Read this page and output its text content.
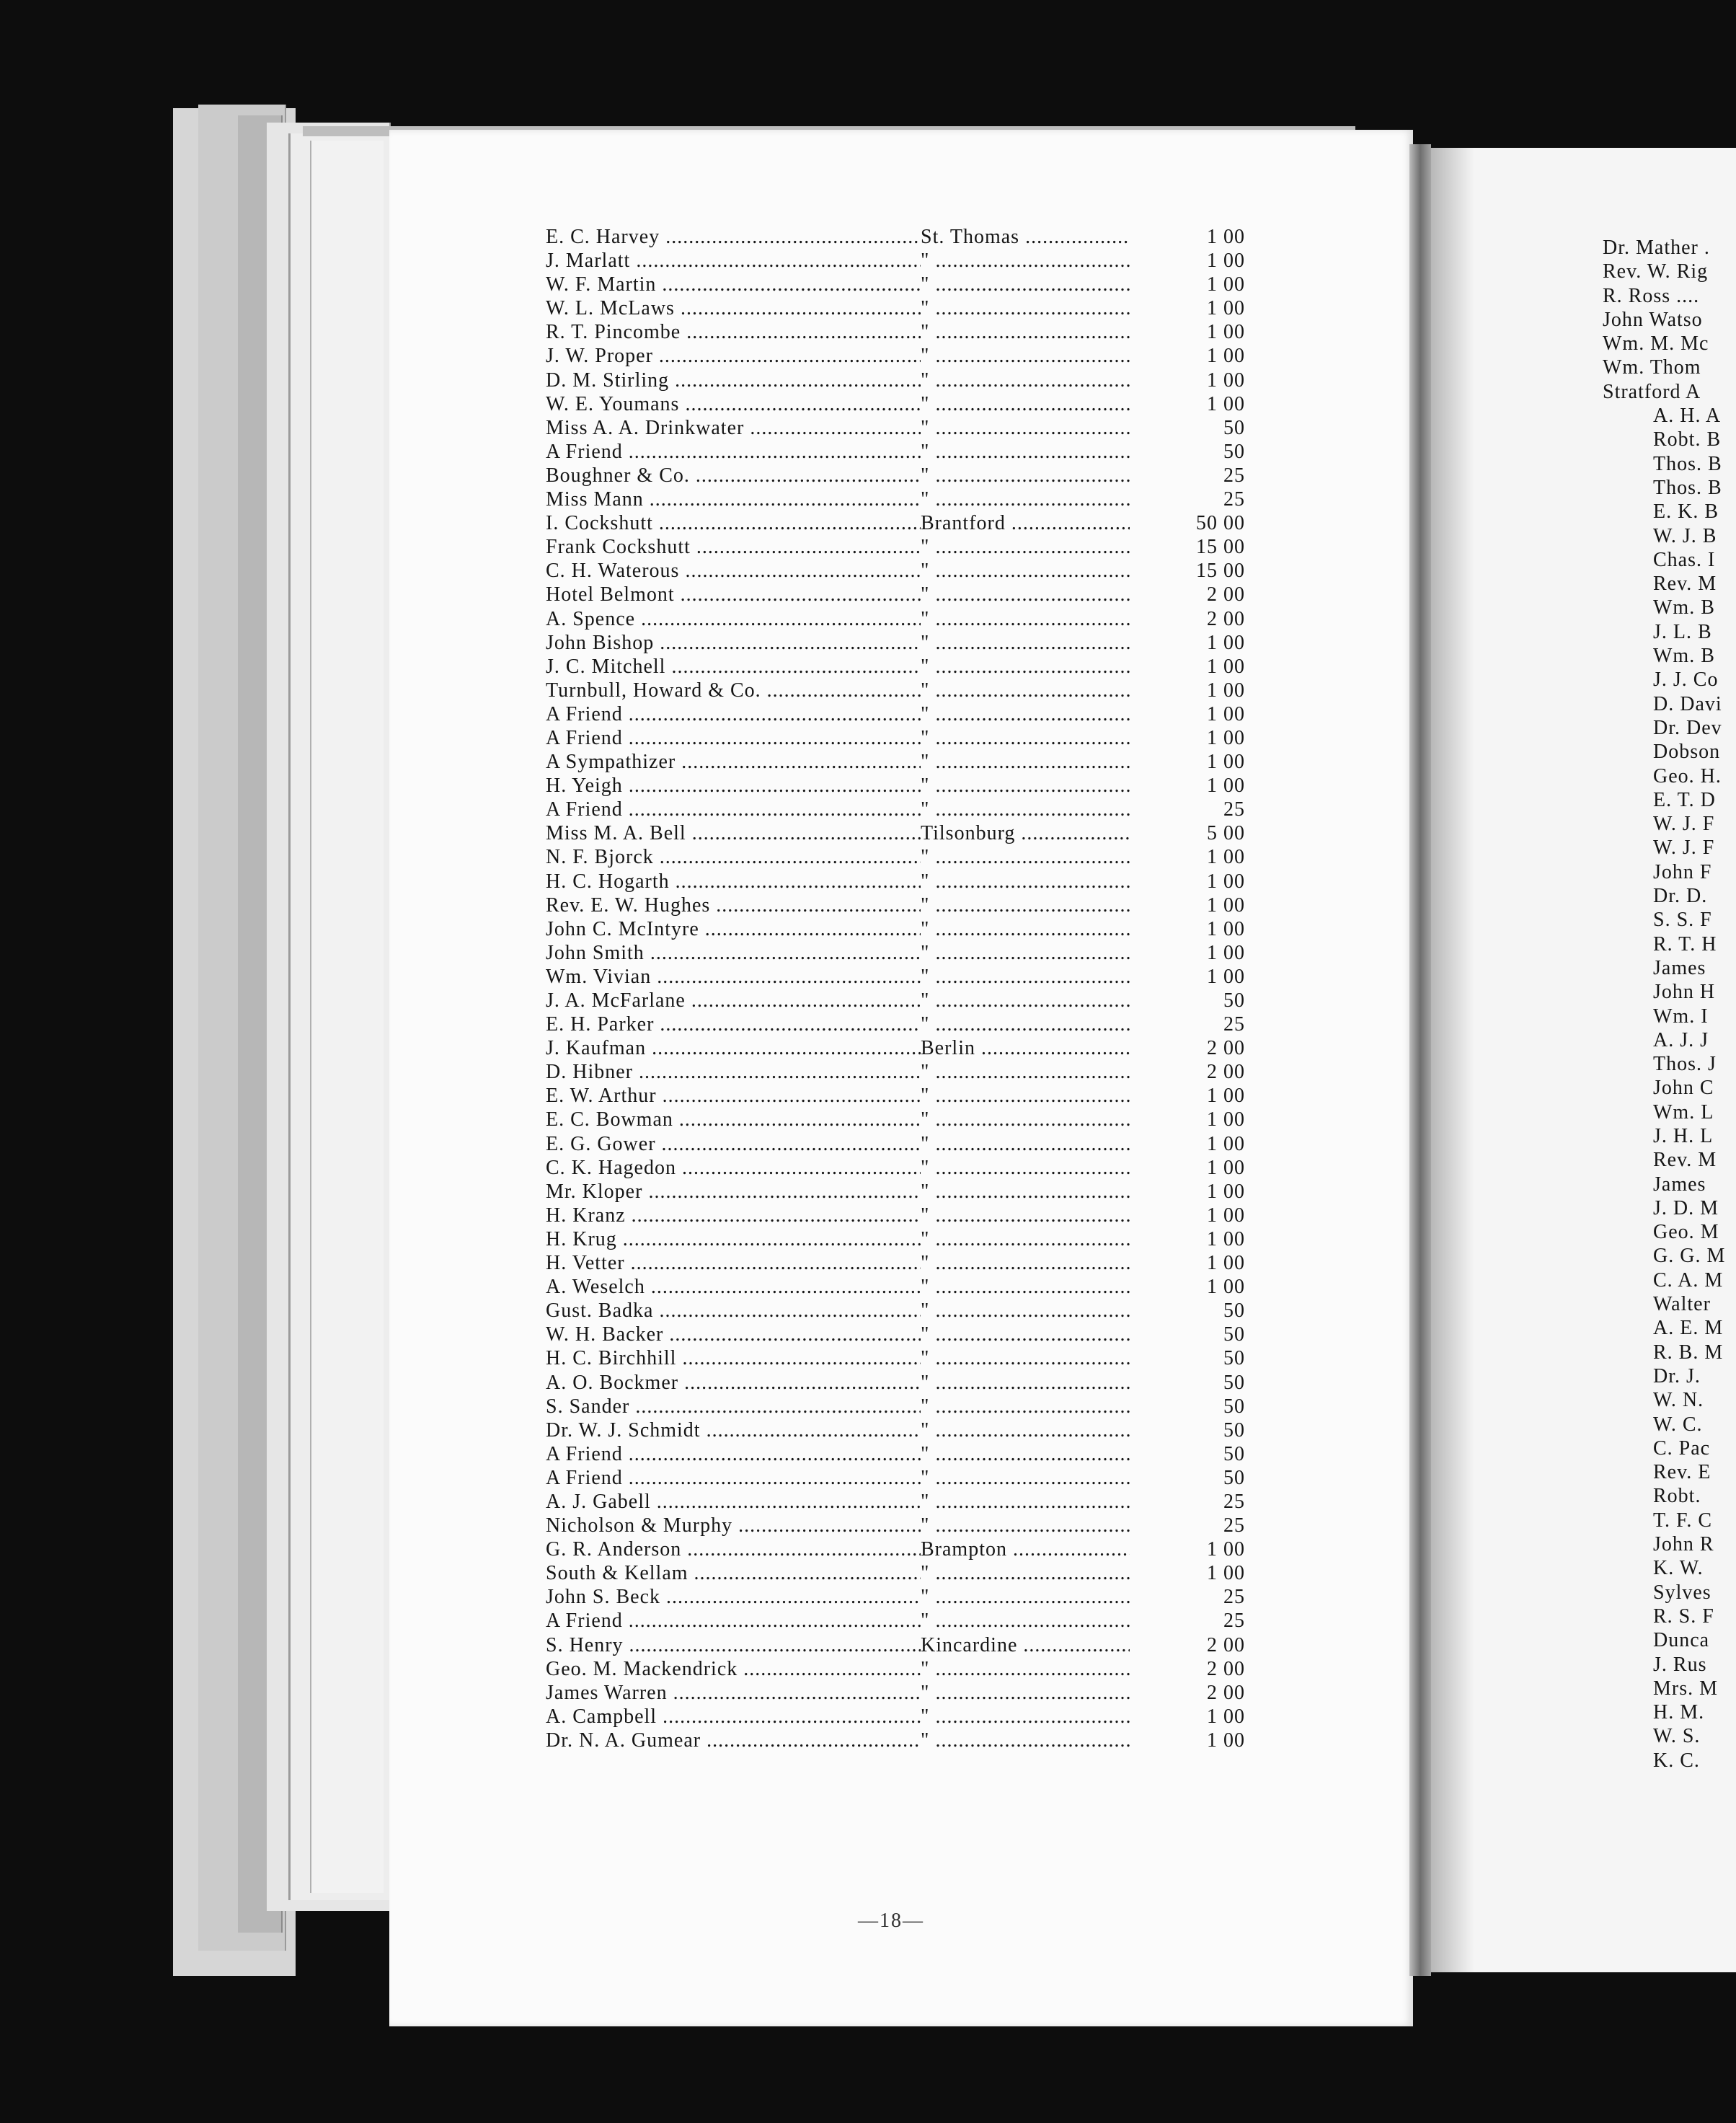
E. C. Harvey .....	St. Thomas .....	1 00
J. Marlatt .....	" .....	1 00
W. F. Martin .....	" .....	1 00
W. L. McLaws .....	" .....	1 00
R. T. Pincombe .....	" .....	1 00
J. W. Proper .....	" .....	1 00
D. M. Stirling .....	" .....	1 00
W. E. Youmans .....	" .....	1 00
Miss A. A. Drinkwater .....	" .....	50
A Friend .....	" .....	50
Boughner & Co. .....	" .....	25
Miss Mann .....	" .....	25
I. Cockshutt .....	Brantford .....	50 00
Frank Cockshutt .....	" .....	15 00
C. H. Waterous .....	" .....	15 00
Hotel Belmont .....	" .....	2 00
A. Spence .....	" .....	2 00
John Bishop .....	" .....	1 00
J. C. Mitchell .....	" .....	1 00
Turnbull, Howard & Co. .....	" .....	1 00
A Friend .....	" .....	1 00
A Friend .....	" .....	1 00
A Sympathizer .....	" .....	1 00
H. Yeigh .....	" .....	1 00
A Friend .....	" .....	25
Miss M. A. Bell .....	Tilsonburg .....	5 00
N. F. Bjorck .....	" .....	1 00
H. C. Hogarth .....	" .....	1 00
Rev. E. W. Hughes .....	" .....	1 00
John C. McIntyre .....	" .....	1 00
John Smith .....	" .....	1 00
Wm. Vivian .....	" .....	1 00
J. A. McFarlane .....	" .....	50
E. H. Parker .....	" .....	25
J. Kaufman .....	Berlin .....	2 00
D. Hibner .....	" .....	2 00
E. W. Arthur .....	" .....	1 00
E. C. Bowman .....	" .....	1 00
E. G. Gower .....	" .....	1 00
C. K. Hagedon .....	" .....	1 00
Mr. Kloper .....	" .....	1 00
H. Kranz .....	" .....	1 00
H. Krug .....	" .....	1 00
H. Vetter .....	" .....	1 00
A. Weselch .....	" .....	1 00
Gust. Badka .....	" .....	50
W. H. Backer .....	" .....	50
H. C. Birchhill .....	" .....	50
A. O. Bockmer .....	" .....	50
S. Sander .....	" .....	50
Dr. W. J. Schmidt .....	" .....	50
A Friend .....	" .....	50
A Friend .....	" .....	50
A. J. Gabell .....	" .....	25
Nicholson & Murphy .....	" .....	25
G. R. Anderson .....	Brampton .....	1 00
South & Kellam .....	" .....	1 00
John S. Beck .....	" .....	25
A Friend .....	" .....	25
S. Henry .....	Kincardine .....	2 00
Geo. M. Mackendrick .....	" .....	2 00
James Warren .....	" .....	2 00
A. Campbell .....	" .....	1 00
Dr. N. A. Gumear .....	" .....	1 00
—18—
Dr. Mather .
Rev. W. Rig
R. Ross ....
John Watso
Wm. M. Mc
Wm. Thom
Stratford A
A. H. A
Robt. B
Thos. B
Thos. B
E. K. B
W. J. B
Chas. I
Rev. M
Wm. B
J. L. B
Wm. B
J. J. Co
D. Davi
Dr. Dev
Dobson
Geo. H.
E. T. D
W. J. F
W. J. F
John F
Dr. D.
S. S. F
R. T. H
James
John H
Wm. I
A. J. J
Thos. J
John C
Wm. L
J. H. L
Rev. M
James
J. D. M
Geo. M
G. G. M
C. A. M
Walter
A. E. M
R. B. M
Dr. J.
W. N.
W. C.
C. Pac
Rev. E
Robt.
T. F. C
John R
K. W.
Sylves
R. S. F
Dunca
J. Rus
Mrs. M
H. M.
W. S.
K. C.
